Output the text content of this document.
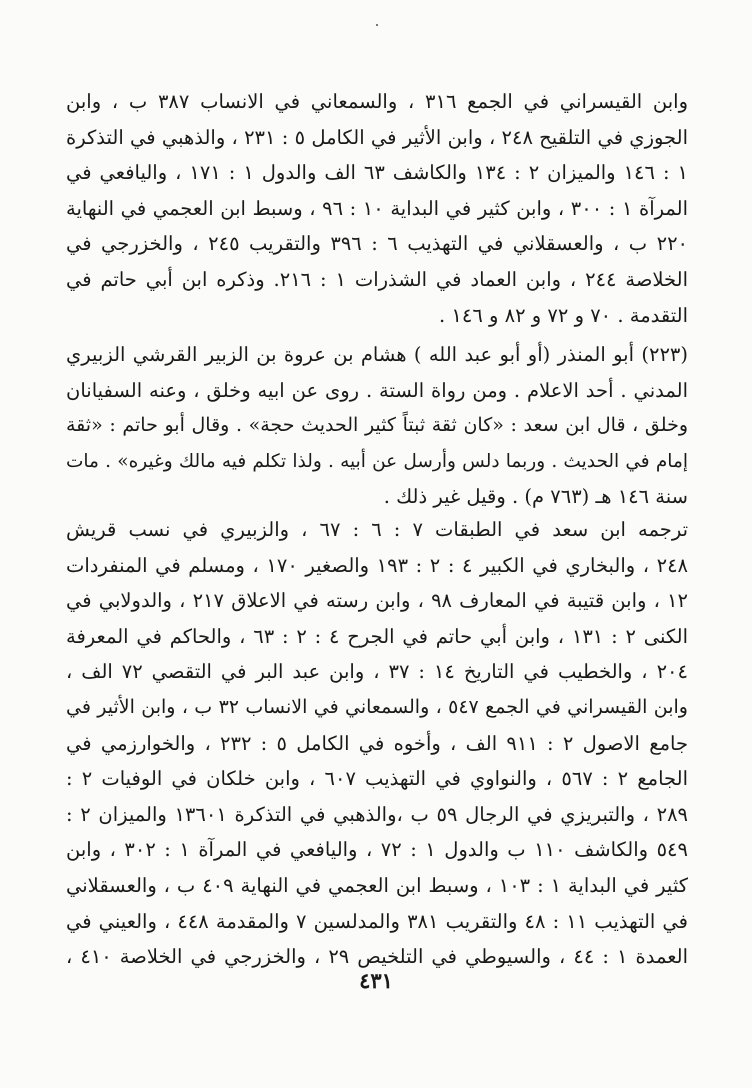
وابن القيسراني في الجمع ٣١٦ ، والسمعاني في الانساب ٣٨٧ ب ، وابن
الجوزي في التلقيح ٢٤٨ ، وابن الأثير في الكامل ٥ : ٢٣١ ، والذهبي في التذكرة
١ : ١٤٦ والميزان ٢ : ١٣٤ والكاشف ٦٣ الف والدول ١ : ١٧١ ، واليافعي في
المرآة ١ : ٣٠٠ ، وابن كثير في البداية ١٠ : ٩٦ ، وسبط ابن العجمي في النهاية
٢٢٠ ب ، والعسقلاني في التهذيب ٦ : ٣٩٦ والتقريب ٢٤٥ ، والخزرجي في
الخلاصة ٢٤٤ ، وابن العماد في الشذرات ١ : ٢١٦. وذكره ابن أبي حاتم في
التقدمة . ٧٠ و ٧٢ و ٨٢ و ١٤٦ .
(٢٢٣) أبو المنذر (أو أبو عبد الله ) هشام بن عروة بن الزبير القرشي الزبيري
المدني . أحد الاعلام . ومن رواة الستة . روى عن ابيه وخلق ، وعنه السفيانان
وخلق ، قال ابن سعد : «كان ثقة ثبتاً كثير الحديث حجة» . وقال أبو حاتم : «ثقة
إمام في الحديث . وربما دلس وأرسل عن أبيه . ولذا تكلم فيه مالك وغيره» . مات
سنة ١٤٦ هـ (٧٦٣ م) . وقيل غير ذلك .
ترجمه ابن سعد في الطبقات ٧ : ٦ : ٦٧ ، والزبيري في نسب قريش
٢٤٨ ، والبخاري في الكبير ٤ : ٢ : ١٩٣ والصغير ١٧٠ ، ومسلم في المنفردات
١٢ ، وابن قتيبة في المعارف ٩٨ ، وابن رسته في الاعلاق ٢١٧ ، والدولابي في
الكنى ٢ : ١٣١ ، وابن أبي حاتم في الجرح ٤ : ٢ : ٦٣ ، والحاكم في المعرفة
٢٠٤ ، والخطيب في التاريخ ١٤ : ٣٧ ، وابن عبد البر في التقصي ٧٢ الف ،
وابن القيسراني في الجمع ٥٤٧ ، والسمعاني في الانساب ٣٢ ب ، وابن الأثير في
جامع الاصول ٢ : ٩١١ الف ، وأخوه في الكامل ٥ : ٢٣٢ ، والخوارزمي في
الجامع ٢ : ٥٦٧ ، والنواوي في التهذيب ٦٠٧ ، وابن خلكان في الوفيات ٢ :
٢٨٩ ، والتبريزي في الرجال ٥٩ ب ،والذهبي في التذكرة ١٣٦٠١ والميزان ٢ :
٥٤٩ والكاشف ١١٠ ب والدول ١ : ٧٢ ، واليافعي في المرآة ١ : ٣٠٢ ، وابن
كثير في البداية ١ : ١٠٣ ، وسبط ابن العجمي في النهاية ٤٠٩ ب ، والعسقلاني
في التهذيب ١١ : ٤٨ والتقريب ٣٨١ والمدلسين ٧ والمقدمة ٤٤٨ ، والعيني في
العمدة ١ : ٤٤ ، والسيوطي في التلخيص ٢٩ ، والخزرجي في الخلاصة ٤١٠ ،
٤٣١
